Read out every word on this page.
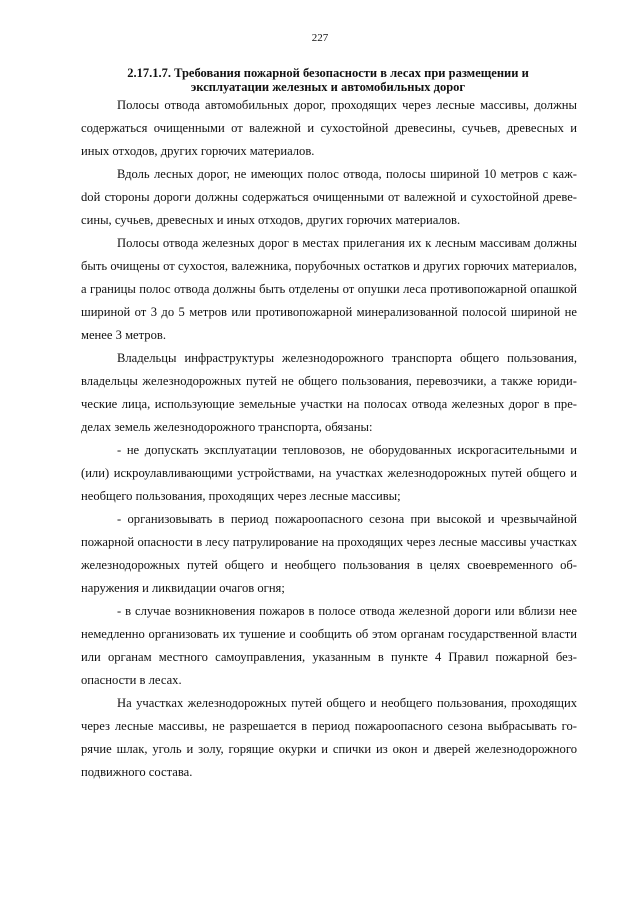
227
2.17.1.7. Требования пожарной безопасности в лесах при размещении и
эксплуатации железных и автомобильных дорог

Полосы отвода автомобильных дорог, проходящих через лесные массивы, должны содержаться очищенными от валежной и сухостойной древесины, сучьев, древесных и иных отходов, других горючих материалов.

Вдоль лесных дорог, не имеющих полос отвода, полосы шириной 10 метров с кажdой стороны дороги должны содержаться очищенными от валежной и сухостойной древесины, сучьев, древесных и иных отходов, других горючих материалов.

Полосы отвода железных дорог в местах прилегания их к лесным массивам должны быть очищены от сухостоя, валежника, порубочных остатков и других горючих материалов, а границы полос отвода должны быть отделены от опушки леса противопожарной опашкой шириной от 3 до 5 метров или противопожарной минерализованной полосой шириной не менее 3 метров.

Владельцы инфраструктуры железнодорожного транспорта общего пользования, владельцы железнодорожных путей не общего пользования, перевозчики, а также юридические лица, использующие земельные участки на полосах отвода железных дорог в пределах земель железнодорожного транспорта, обязаны:

- не допускать эксплуатации тепловозов, не оборудованных искрогасительными и (или) искроулавливающими устройствами, на участках железнодорожных путей общего и необщего пользования, проходящих через лесные массивы;

- организовывать в период пожароопасного сезона при высокой и чрезвычайной пожарной опасности в лесу патрулирование на проходящих через лесные массивы участках железнодорожных путей общего и необщего пользования в целях своевременного обнаружения и ликвидации очагов огня;

- в случае возникновения пожаров в полосе отвода железной дороги или вблизи нее немедленно организовать их тушение и сообщить об этом органам государственной власти или органам местного самоуправления, указанным в пункте 4 Правил пожарной безопасности в лесах.

На участках железнодорожных путей общего и необщего пользования, проходящих через лесные массивы, не разрешается в период пожароопасного сезона выбрасывать горячие шлак, уголь и золу, горящие окурки и спички из окон и дверей железнодорожного подвижного состава.
